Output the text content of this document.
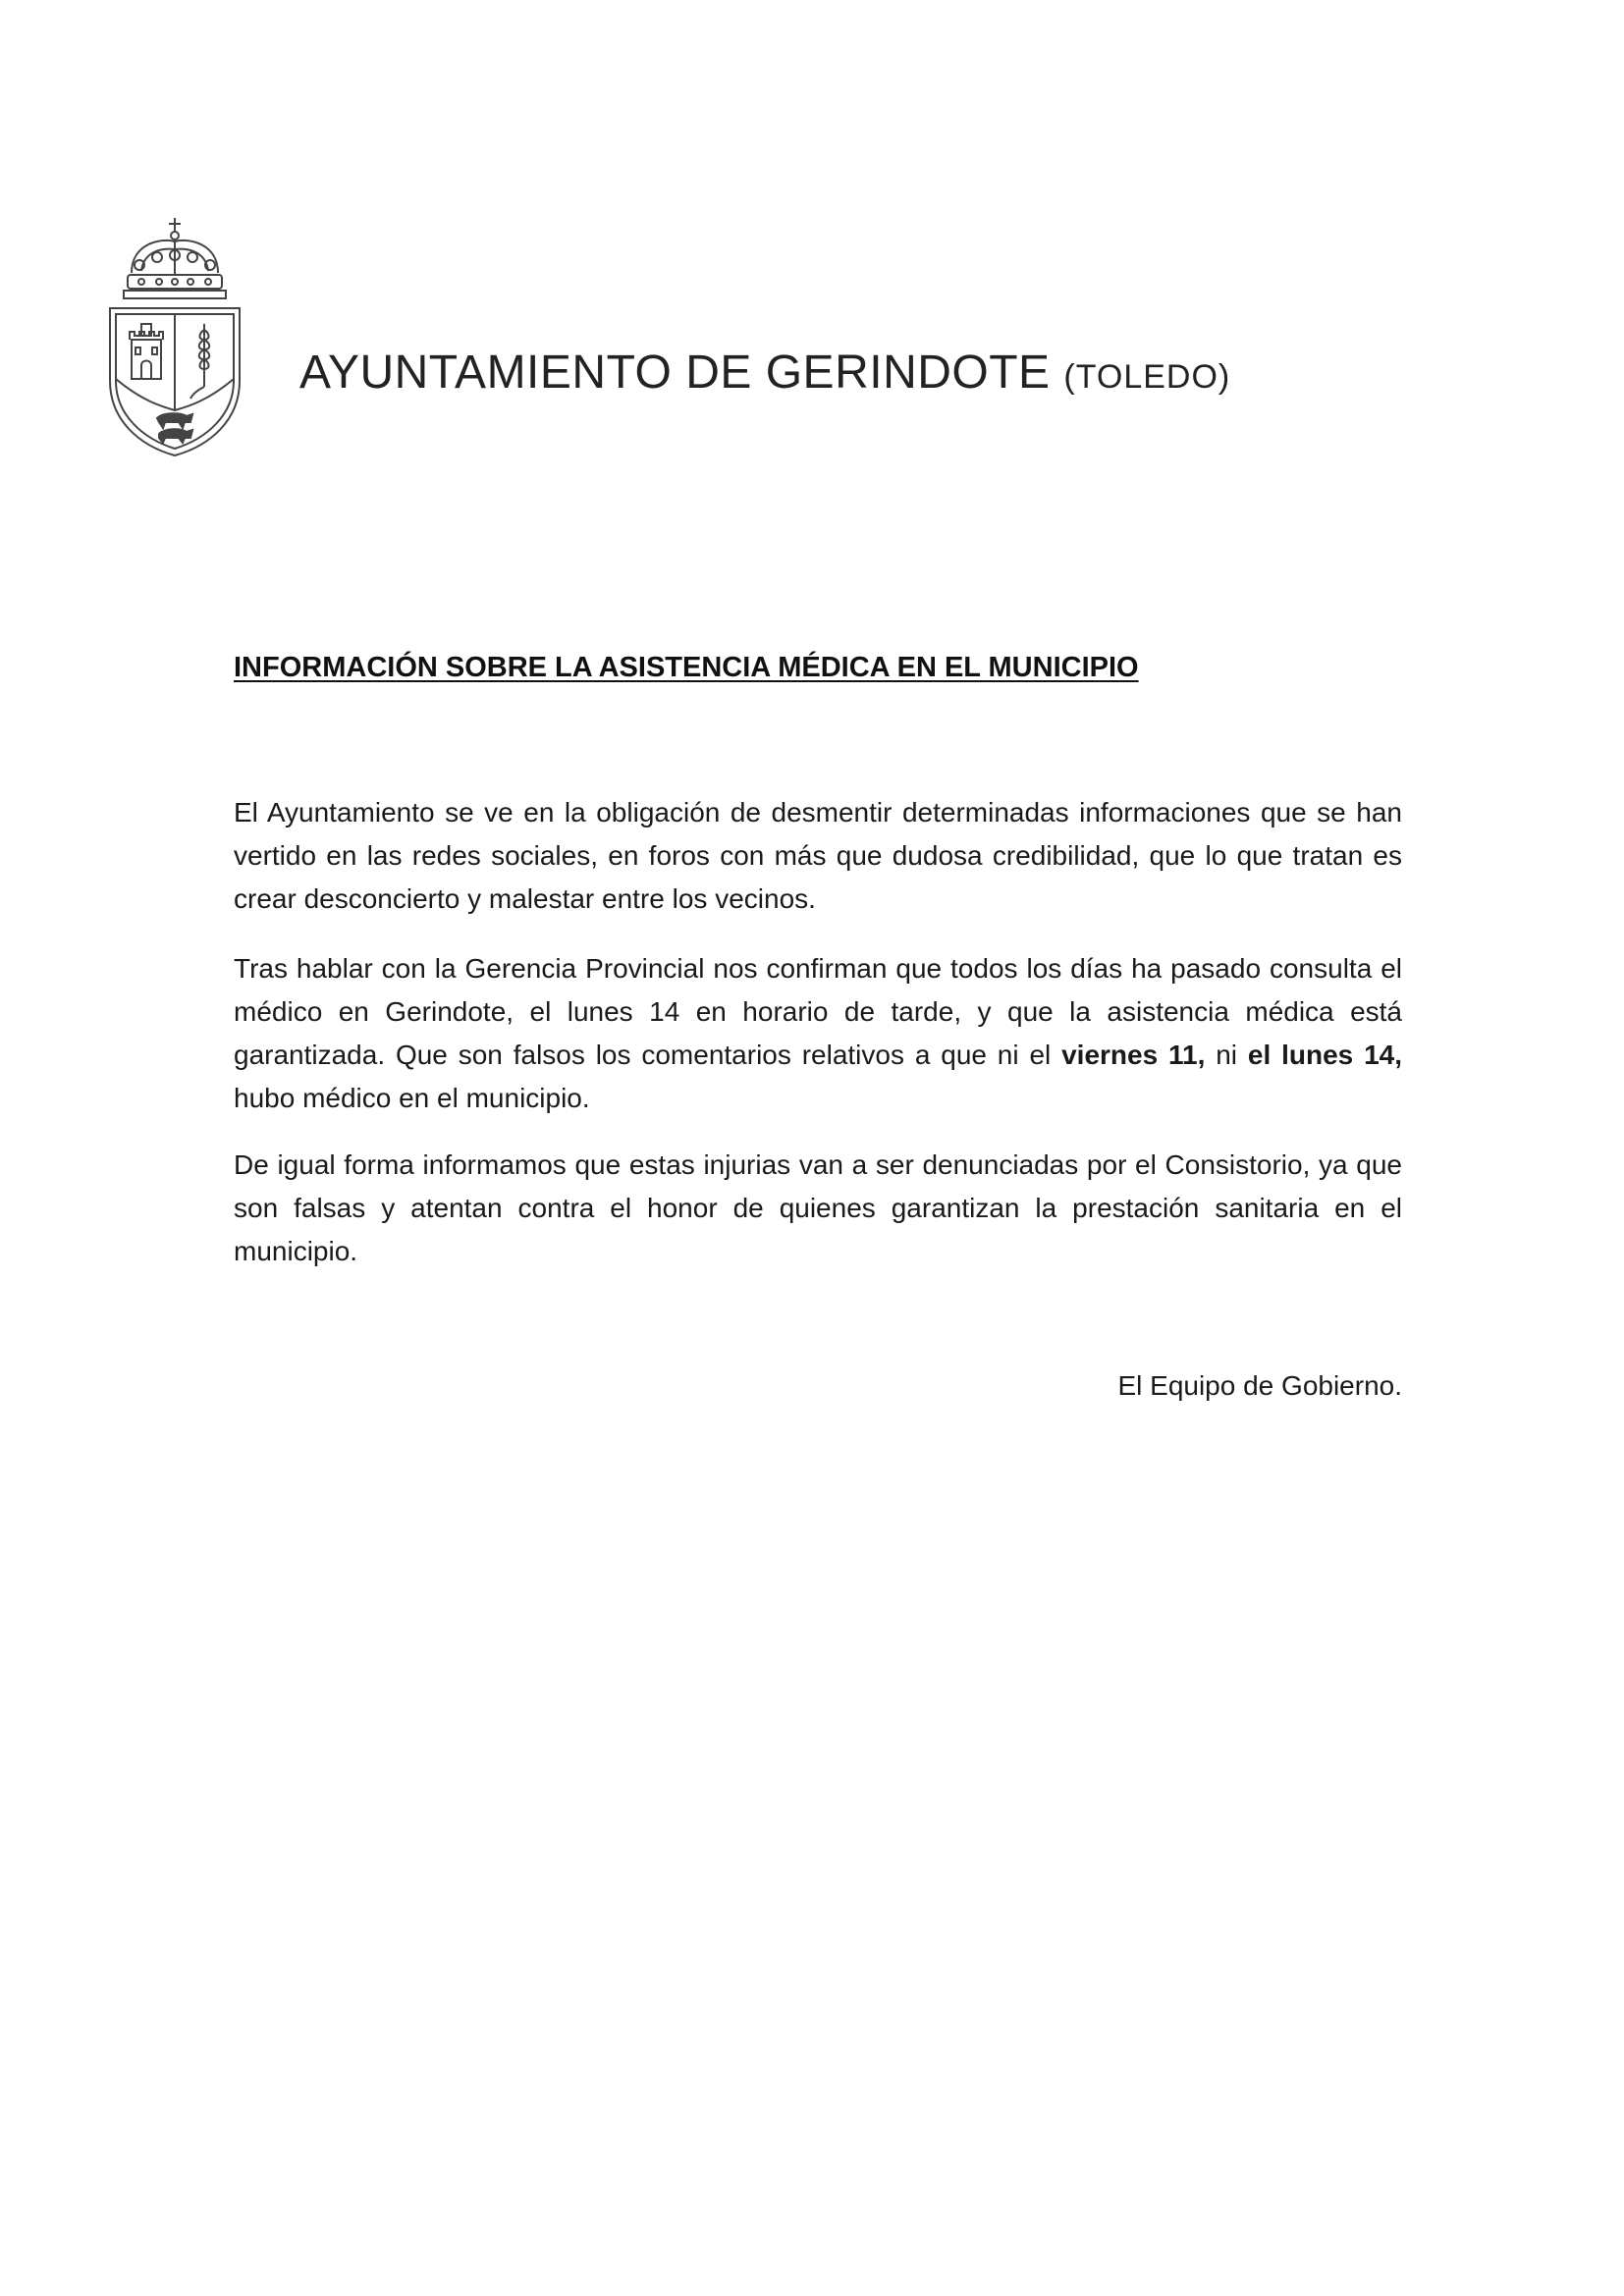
AYUNTAMIENTO DE GERINDOTE (TOLEDO)
INFORMACIÓN SOBRE LA ASISTENCIA MÉDICA EN EL MUNICIPIO
El Ayuntamiento se ve en la obligación de desmentir determinadas informaciones que se han vertido en las redes sociales, en foros con más que dudosa credibilidad, que lo que tratan es crear desconcierto y malestar entre los vecinos.
Tras hablar con la Gerencia Provincial nos confirman que todos los días ha pasado consulta el médico en Gerindote, el lunes 14 en horario de tarde, y que la asistencia médica está garantizada. Que son falsos los comentarios relativos a que ni el viernes 11, ni el lunes 14, hubo médico en el municipio.
De igual forma informamos que estas injurias van a ser denunciadas por el Consistorio, ya que son falsas y atentan contra el honor de quienes garantizan la prestación sanitaria en el municipio.
El Equipo de Gobierno.
